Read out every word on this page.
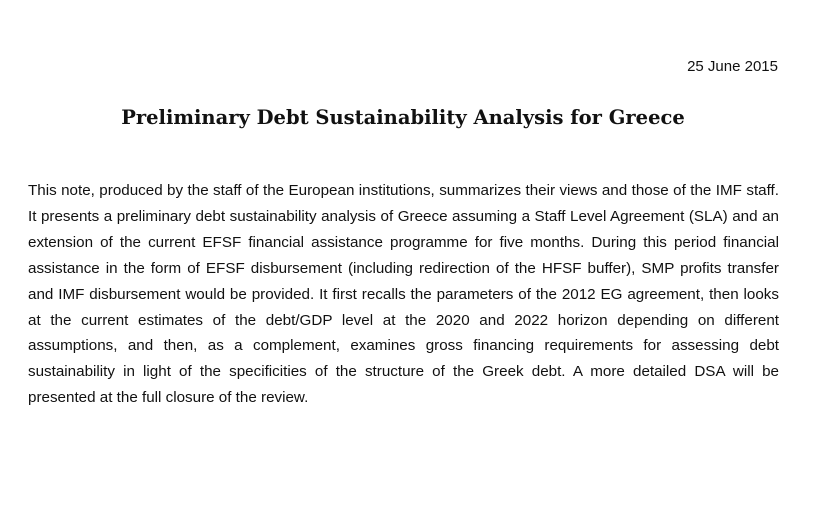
25 June 2015
Preliminary Debt Sustainability Analysis for Greece

This note, produced by the staff of the European institutions, summarizes their views and those of the IMF staff. It presents a preliminary debt sustainability analysis of Greece assuming a Staff Level Agreement (SLA) and an extension of the current EFSF financial assistance programme for five months. During this period financial assistance in the form of EFSF disbursement (including redirection of the HFSF buffer), SMP profits transfer and IMF disbursement would be provided. It first recalls the parameters of the 2012 EG agreement, then looks at the current estimates of the debt/GDP level at the 2020 and 2022 horizon depending on different assumptions, and then, as a complement, examines gross financing requirements for assessing debt sustainability in light of the specificities of the structure of the Greek debt. A more detailed DSA will be presented at the full closure of the review.
